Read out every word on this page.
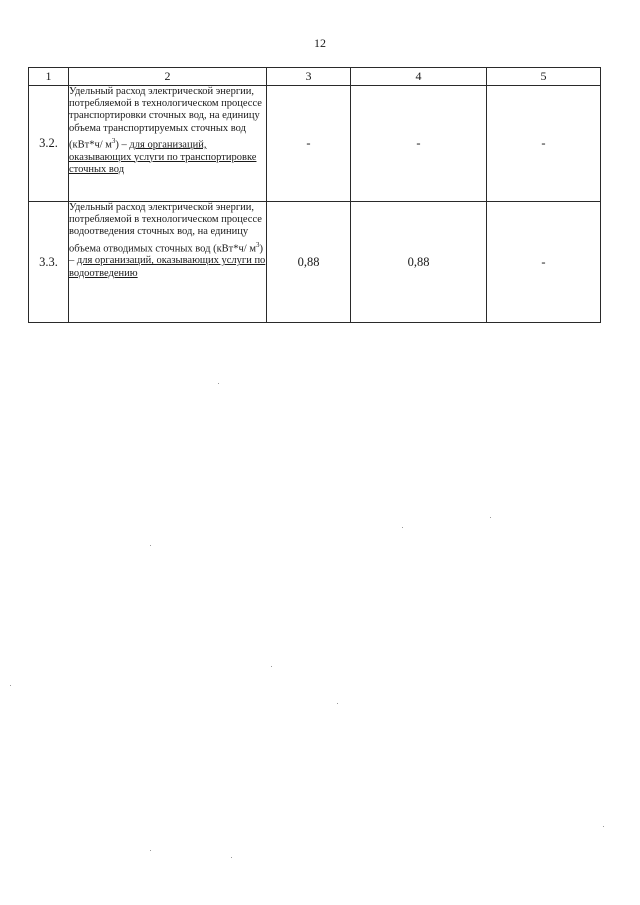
12
1	2	3	4	5
3.2.	Удельный расход электрической энергии, потребляемой в технологическом процессе транспортировки сточных вод, на единицу объема транспортируемых сточных вод (кВт*ч/ $м^3$) – для организаций, оказывающих услуги по транспортировке сточных вод	-	-	-
3.3.	Удельный расход электрической энергии, потребляемой в технологическом процессе водоотведения сточных вод, на единицу объема отводимых сточных вод (кВт*ч/ $м^3$) – для организаций, оказывающих услуги по водоотведению	0,88	0,88	-
